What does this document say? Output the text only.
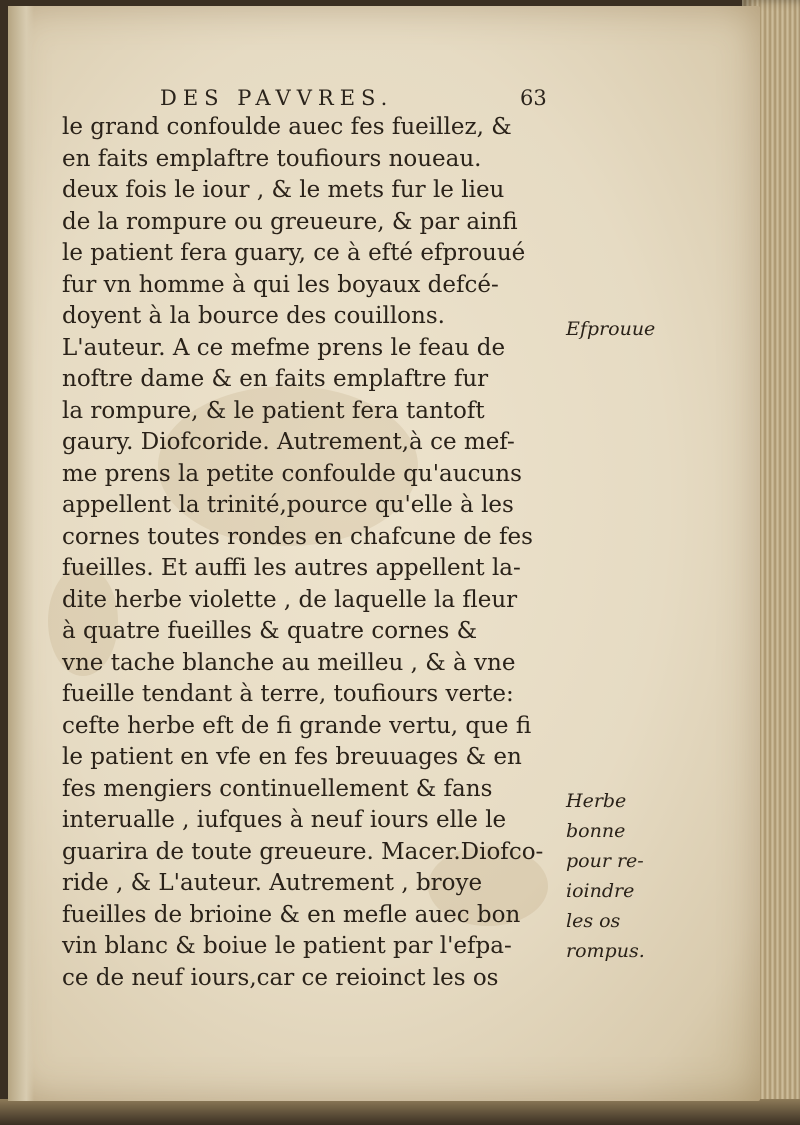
DES PAVVRES.	63
le grand confoulde auec fes fueillez, &
en faits emplaftre toufiours noueau.
deux fois le iour , & le mets fur le lieu
de la rompure ou greueure, & par ainfi
le patient fera guary, ce à efté efprouué
fur vn homme à qui les boyaux defcé-
doyent à la bource des couillons.
L'auteur. A ce mefme prens le feau de
noftre dame & en faits emplaftre fur
la rompure, & le patient fera tantoft
gaury. Diofcoride. Autrement,à ce mef-
me prens la petite confoulde qu'aucuns
appellent la trinité,pource qu'elle à les
cornes toutes rondes en chafcune de fes
fueilles. Et auffi les autres appellent la-
dite herbe violette , de laquelle la fleur
à quatre fueilles & quatre cornes &
vne tache blanche au meilleu , & à vne
fueille tendant à terre, toufiours verte:
cefte herbe eft de fi grande vertu, que fi
le patient en vfe en fes breuuages & en
fes mengiers continuellement & fans
interualle , iufques à neuf iours elle le
guarira de toute greueure. Macer.Diofco-
ride , & L'auteur. Autrement , broye
fueilles de brioine & en mefle auec bon
vin blanc & boiue le patient par l'efpa-
ce de neuf iours,car ce reioinct les os
Efprouue
Herbe
bonne
pour re-
ioindre
les os
rompus.
